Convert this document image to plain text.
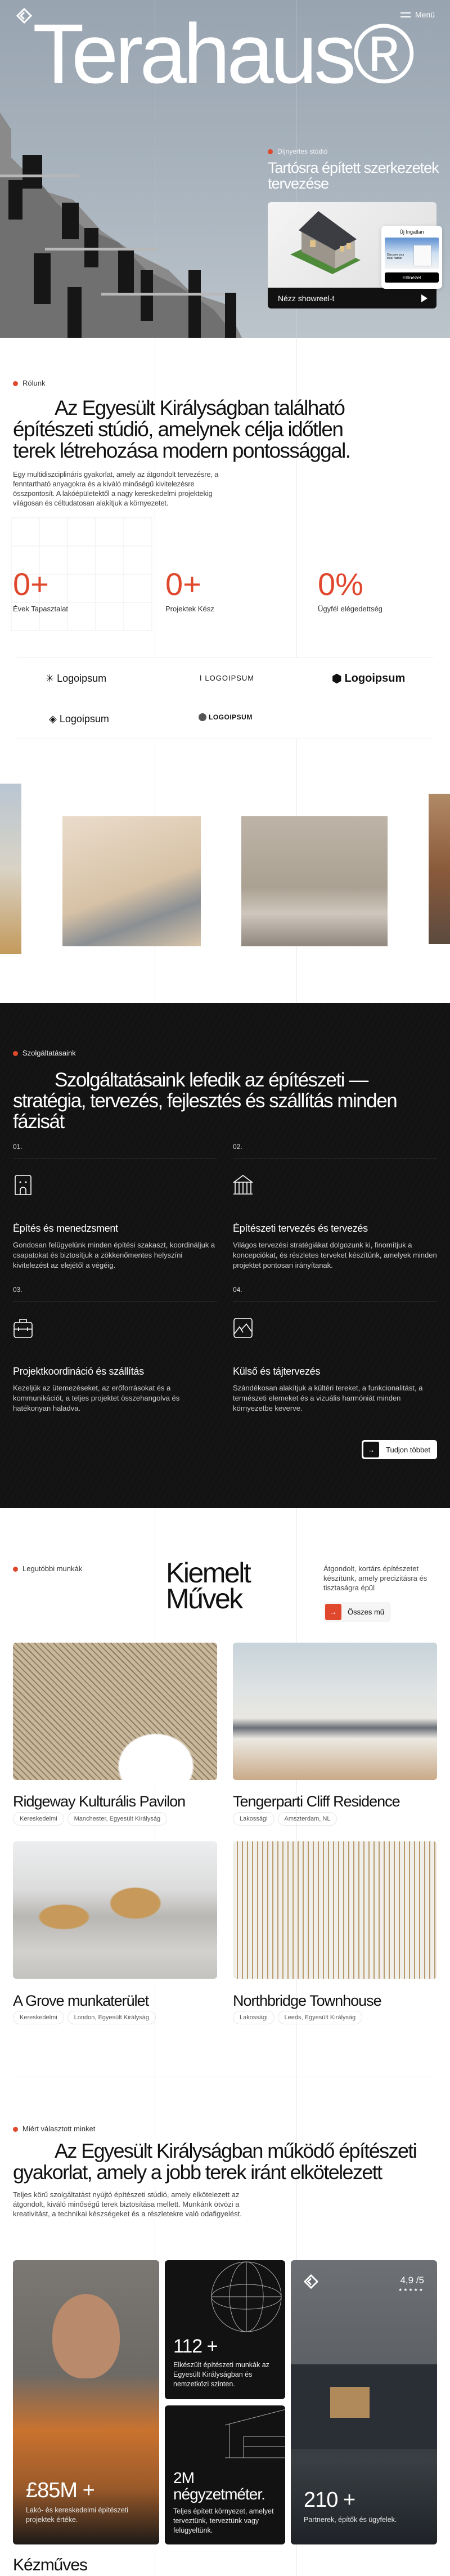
Menü
Terahaus®
Díjnyertes stúdió
Tartósra épített szerkezetek tervezése
Nézz showreel-t
Új Ingatlan
Discover your ideal habitat
Előnézet
Rólunk
Az Egyesült Királyságban található építészeti stúdió, amelynek célja időtlen terek létrehozása modern pontossággal.

Egy multidiszciplináris gyakorlat, amely az átgondolt tervezésre, a fenntartható anyagokra és a kiváló minőségű kivitelezésre összpontosít. A lakóépületektől a nagy kereskedelmi projektekig világosan és céltudatosan alakítjuk a környezetet.

0+
Évek Tapasztalat
0+
Projektek Kész
0%
Ügyfél elégedettség
✳ Logoipsum	ǀ LOGOIPSUM	⬢ Logoipsum
◈ Logoipsum	LOGOIPSUM
Szolgáltatásaink
Szolgáltatásaink lefedik az építészeti — stratégia, tervezés, fejlesztés és szállítás minden fázisát
01.
Építés és menedzsment

Gondosan felügyelünk minden építési szakaszt, koordináljuk a csapatokat és biztosítjuk a zökkenőmentes helyszíni kivitelezést az elejétől a végéig.

02.
Építészeti tervezés és tervezés

Világos tervezési stratégiákat dolgozunk ki, finomítjuk a koncepciókat, és részletes terveket készítünk, amelyek minden projektet pontosan irányítanak.

03.
Projektkoordináció és szállítás

Kezeljük az ütemezéseket, az erőforrásokat és a kommunikációt, a teljes projektet összehangolva és hatékonyan haladva.

04.
Külső és tájtervezés

Szándékosan alakítjuk a kültéri tereket, a funkcionalitást, a természeti elemeket és a vizuális harmóniát minden környezetbe keverve.

→	Tudjon többet
Legutóbbi munkák	Kiemelt
Művek

Átgondolt, kortárs építészetet készítünk, amely precizitásra és tisztaságra épül

→	Összes mű
Ridgeway Kulturális Pavilon
Kereskedelmi	Manchester, Egyesült Királyság
Tengerparti Cliff Residence
Lakossági	Amszterdam, NL
A Grove munkaterület
Kereskedelmi	London, Egyesült Királyság
Northbridge Townhouse
Lakossági	Leeds, Egyesült Királyság
Miért választott minket
Az Egyesült Királyságban működő építészeti gyakorlat, amely a jobb terek iránt elkötelezett

Teljes körű szolgáltatást nyújtó építészeti stúdió, amely elkötelezett az átgondolt, kiváló minőségű terek biztosítása mellett. Munkánk ötvözi a kreativitást, a technikai készségeket és a részletekre való odafigyelést.

£85M +
Lakó- és kereskedelmi építészeti projektek értéke.
112 +
Elkészült építészeti munkák az Egyesült Királyságban és nemzetközi szinten.
2M négyzetméter.
Teljes épített környezet, amelyet terveztünk, terveztünk vagy felügyeltünk.
4,9 /5
★★★★★
210 +
Partnerek, építők és ügyfelek.
Kézműves
